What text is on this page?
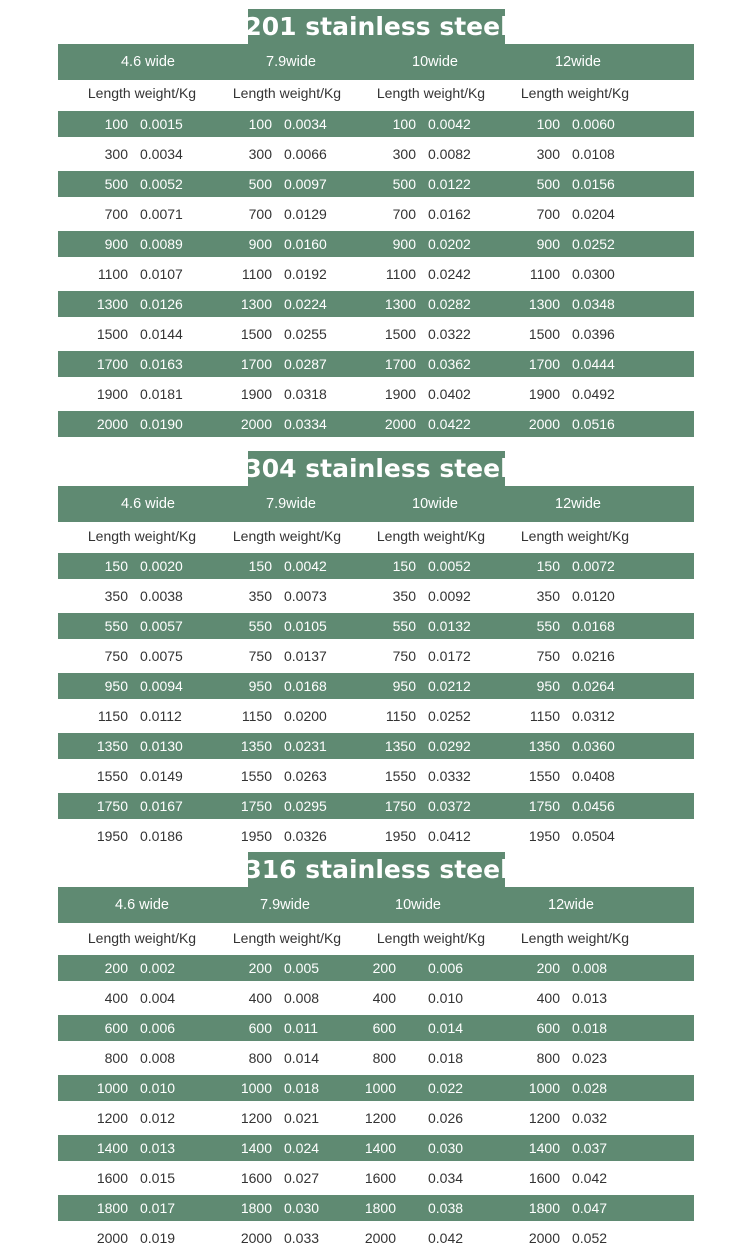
201 stainless steel
4.6 wide	7.9wide	10wide	12wide
Length weight/Kg	Length weight/Kg	Length weight/Kg	Length weight/Kg
100 0.0015	100 0.0034	100 0.0042	100 0.0060
300 0.0034	300 0.0066	300 0.0082	300 0.0108
500 0.0052	500 0.0097	500 0.0122	500 0.0156
700 0.0071	700 0.0129	700 0.0162	700 0.0204
900 0.0089	900 0.0160	900 0.0202	900 0.0252
1100 0.0107	1100 0.0192	1100 0.0242	1100 0.0300
1300 0.0126	1300 0.0224	1300 0.0282	1300 0.0348
1500 0.0144	1500 0.0255	1500 0.0322	1500 0.0396
1700 0.0163	1700 0.0287	1700 0.0362	1700 0.0444
1900 0.0181	1900 0.0318	1900 0.0402	1900 0.0492
2000 0.0190	2000 0.0334	2000 0.0422	2000 0.0516
304 stainless steel
4.6 wide	7.9wide	10wide	12wide
Length weight/Kg	Length weight/Kg	Length weight/Kg	Length weight/Kg
150 0.0020	150 0.0042	150 0.0052	150 0.0072
350 0.0038	350 0.0073	350 0.0092	350 0.0120
550 0.0057	550 0.0105	550 0.0132	550 0.0168
750 0.0075	750 0.0137	750 0.0172	750 0.0216
950 0.0094	950 0.0168	950 0.0212	950 0.0264
1150 0.0112	1150 0.0200	1150 0.0252	1150 0.0312
1350 0.0130	1350 0.0231	1350 0.0292	1350 0.0360
1550 0.0149	1550 0.0263	1550 0.0332	1550 0.0408
1750 0.0167	1750 0.0295	1750 0.0372	1750 0.0456
1950 0.0186	1950 0.0326	1950 0.0412	1950 0.0504
316 stainless steel
4.6 wide	7.9wide	10wide	12wide
Length weight/Kg	Length weight/Kg	Length weight/Kg	Length weight/Kg
200 0.002	200 0.005	200 0.006	200 0.008
400 0.004	400 0.008	400 0.010	400 0.013
600 0.006	600 0.011	600 0.014	600 0.018
800 0.008	800 0.014	800 0.018	800 0.023
1000 0.010	1000 0.018	1000 0.022	1000 0.028
1200 0.012	1200 0.021	1200 0.026	1200 0.032
1400 0.013	1400 0.024	1400 0.030	1400 0.037
1600 0.015	1600 0.027	1600 0.034	1600 0.042
1800 0.017	1800 0.030	1800 0.038	1800 0.047
2000 0.019	2000 0.033	2000 0.042	2000 0.052
